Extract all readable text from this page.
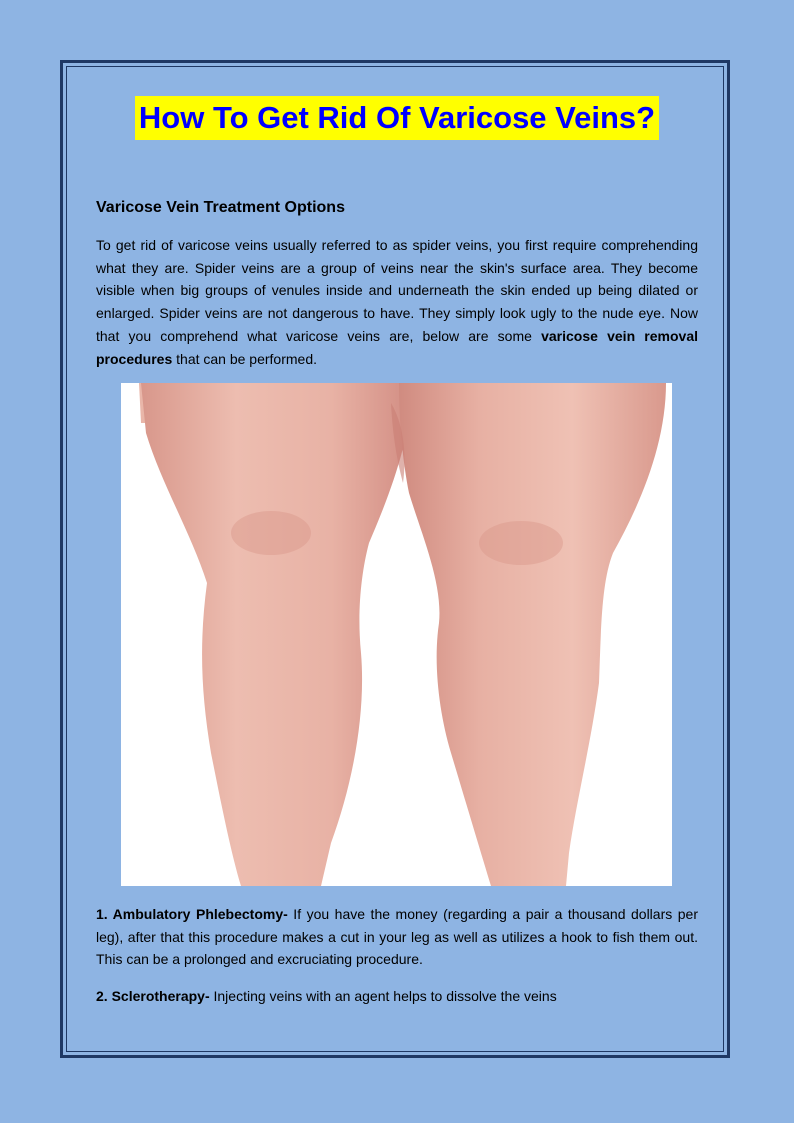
How To Get Rid Of Varicose Veins?
Varicose Vein Treatment Options
To get rid of varicose veins usually referred to as spider veins, you first require comprehending what they are. Spider veins are a group of veins near the skin's surface area. They become visible when big groups of venules inside and underneath the skin ended up being dilated or enlarged. Spider veins are not dangerous to have. They simply look ugly to the nude eye. Now that you comprehend what varicose veins are, below are some varicose vein removal procedures that can be performed.
1. Ambulatory Phlebectomy- If you have the money (regarding a pair a thousand dollars per leg), after that this procedure makes a cut in your leg as well as utilizes a hook to fish them out. This can be a prolonged and excruciating procedure.
2. Sclerotherapy- Injecting veins with an agent helps to dissolve the veins
